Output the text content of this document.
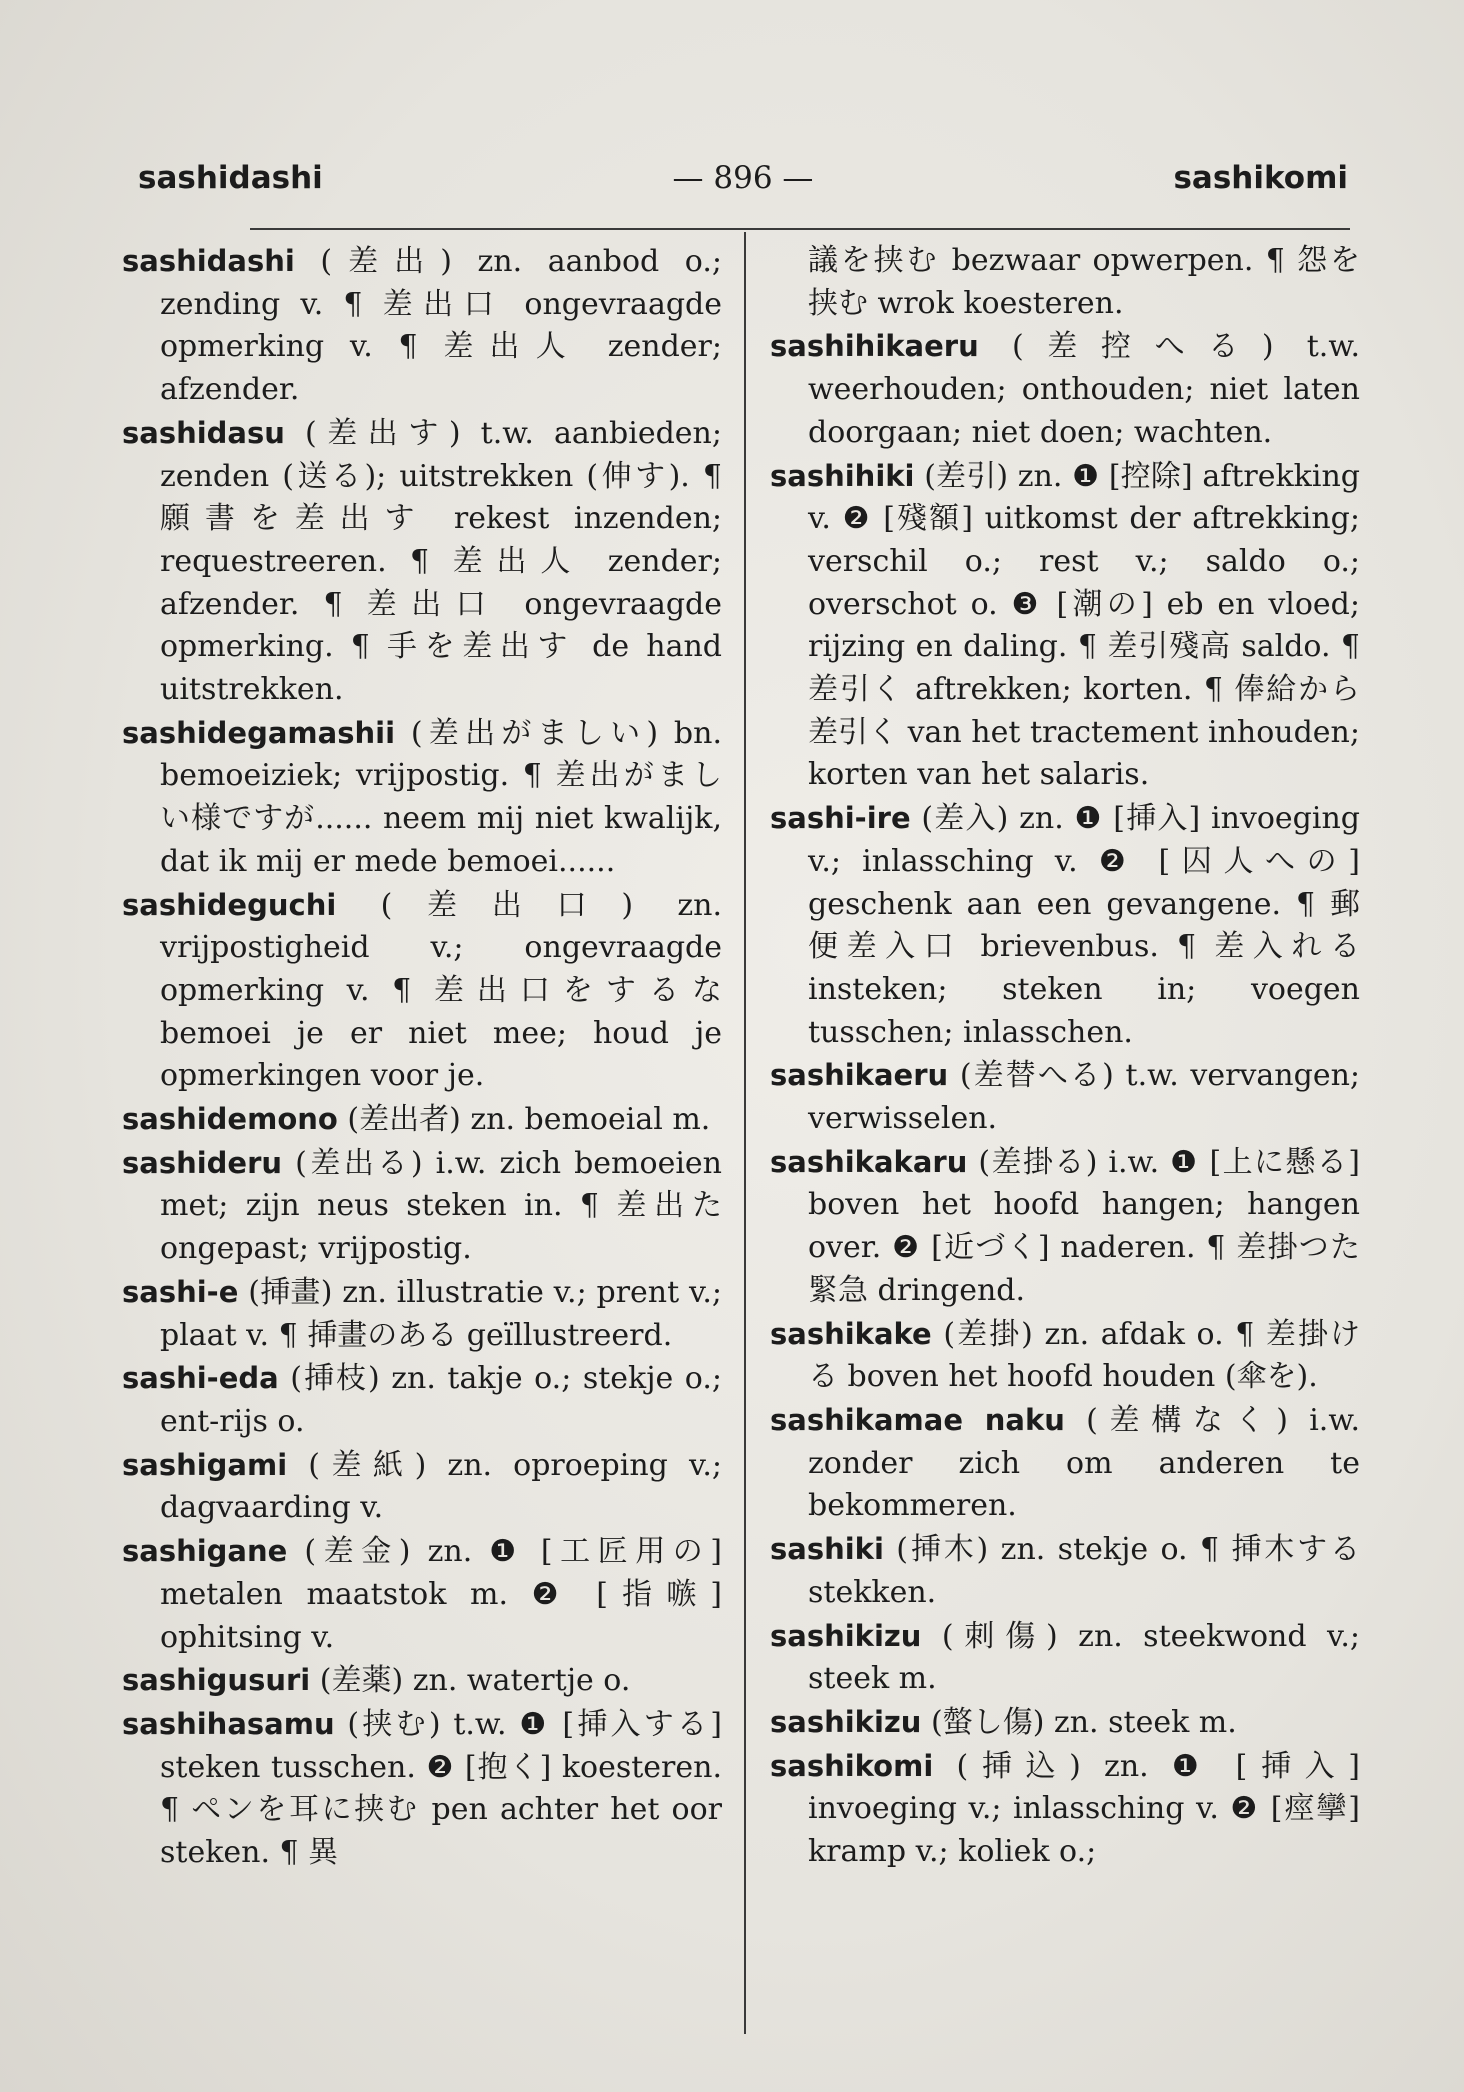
sashidashi	— 896 —	sashikomi

sashidashi (差出) zn. aanbod o.; zending v. ¶ 差出口 ongevraagde opmerking v. ¶ 差出人 zender; afzender.

sashidasu (差出す) t.w. aanbieden; zenden (送る); uitstrekken (伸す). ¶ 願書を差出す rekest inzenden; requestreeren. ¶ 差出人 zender; afzender. ¶ 差出口 ongevraagde opmerking. ¶ 手を差出す de hand uitstrekken.

sashidegamashii (差出がましい) bn. bemoeiziek; vrijpostig. ¶ 差出がましい様ですが...... neem mij niet kwalijk, dat ik mij er mede bemoei......

sashideguchi (差出口) zn. vrijpostigheid v.; ongevraagde opmerking v. ¶ 差出口をするな bemoei je er niet mee; houd je opmerkingen voor je.

sashidemono (差出者) zn. bemoeial m.

sashideru (差出る) i.w. zich bemoeien met; zijn neus steken in. ¶ 差出た ongepast; vrijpostig.

sashi-e (挿畫) zn. illustratie v.; prent v.; plaat v. ¶ 挿畫のある geïllustreerd.

sashi-eda (挿枝) zn. takje o.; stekje o.; ent-rijs o.

sashigami (差紙) zn. oproeping v.; dagvaarding v.

sashigane (差金) zn. ❶ [工匠用の] metalen maatstok m. ❷ [指嗾] ophitsing v.

sashigusuri (差薬) zn. watertje o.

sashihasamu (挟む) t.w. ❶ [挿入する] steken tusschen. ❷ [抱く] koesteren. ¶ ペンを耳に挟む pen achter het oor steken. ¶ 異

議を挟む bezwaar opwerpen. ¶ 怨を挟む wrok koesteren.

sashihikaeru (差控へる) t.w. weerhouden; onthouden; niet laten doorgaan; niet doen; wachten.

sashihiki (差引) zn. ❶ [控除] aftrekking v. ❷ [殘額] uitkomst der aftrekking; verschil o.; rest v.; saldo o.; overschot o. ❸ [潮の] eb en vloed; rijzing en daling. ¶ 差引殘高 saldo. ¶ 差引く aftrekken; korten. ¶ 俸給から差引く van het tractement inhouden; korten van het salaris.

sashi-ire (差入) zn. ❶ [挿入] invoeging v.; inlassching v. ❷ [囚人への] geschenk aan een gevangene. ¶ 郵便差入口 brievenbus. ¶ 差入れる insteken; steken in; voegen tusschen; inlasschen.

sashikaeru (差替へる) t.w. vervangen; verwisselen.

sashikakaru (差掛る) i.w. ❶ [上に懸る] boven het hoofd hangen; hangen over. ❷ [近づく] naderen. ¶ 差掛つた緊急 dringend.

sashikake (差掛) zn. afdak o. ¶ 差掛ける boven het hoofd houden (傘を).

sashikamae naku (差構なく) i.w. zonder zich om anderen te bekommeren.

sashiki (挿木) zn. stekje o. ¶ 挿木する stekken.

sashikizu (刺傷) zn. steekwond v.; steek m.

sashikizu (螫し傷) zn. steek m.

sashikomi (挿込) zn. ❶ [挿入] invoeging v.; inlassching v. ❷ [痙攣] kramp v.; koliek o.;
